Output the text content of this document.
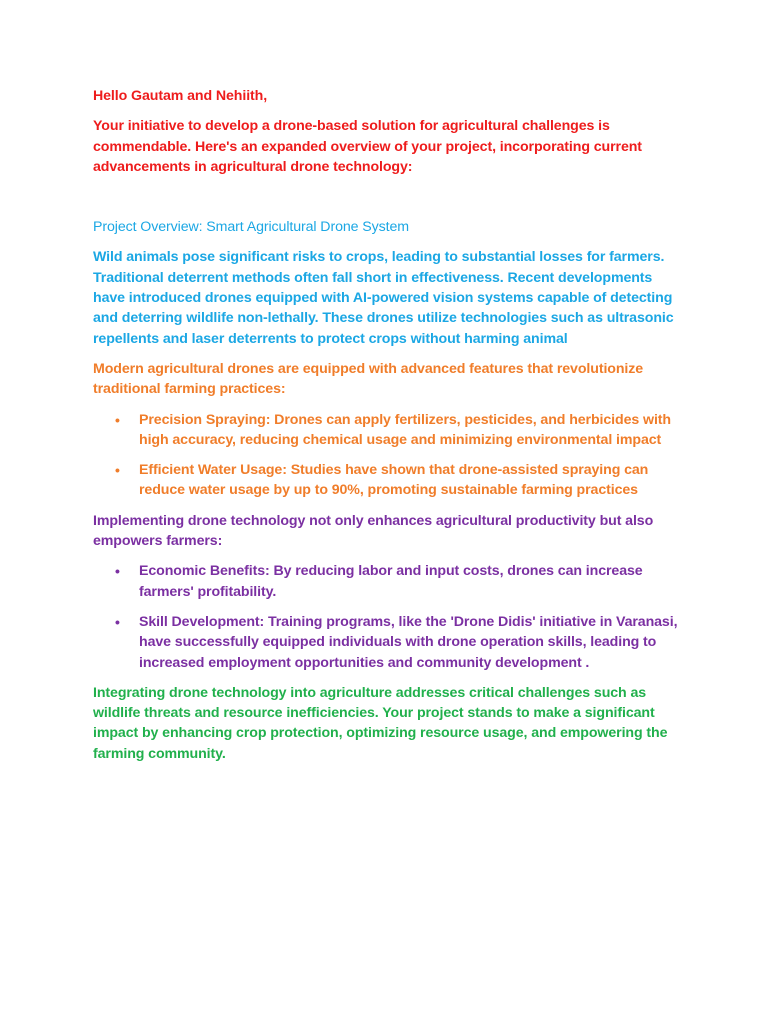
Hello Gautam and Nehiith,

Your initiative to develop a drone-based solution for agricultural challenges is commendable. Here's an expanded overview of your project, incorporating current advancements in agricultural drone technology:

Project Overview: Smart Agricultural Drone System

Wild animals pose significant risks to crops, leading to substantial losses for farmers. Traditional deterrent methods often fall short in effectiveness. Recent developments have introduced drones equipped with AI-powered vision systems capable of detecting and deterring wildlife non-lethally. These drones utilize technologies such as ultrasonic repellents and laser deterrents to protect crops without harming animal

Modern agricultural drones are equipped with advanced features that revolutionize traditional farming practices:

• Precision Spraying: Drones can apply fertilizers, pesticides, and herbicides with high accuracy, reducing chemical usage and minimizing environmental impact
• Efficient Water Usage: Studies have shown that drone-assisted spraying can reduce water usage by up to 90%, promoting sustainable farming practices

Implementing drone technology not only enhances agricultural productivity but also empowers farmers:

• Economic Benefits: By reducing labor and input costs, drones can increase farmers' profitability.
• Skill Development: Training programs, like the 'Drone Didis' initiative in Varanasi, have successfully equipped individuals with drone operation skills, leading to increased employment opportunities and community development .

Integrating drone technology into agriculture addresses critical challenges such as wildlife threats and resource inefficiencies. Your project stands to make a significant impact by enhancing crop protection, optimizing resource usage, and empowering the farming community.
